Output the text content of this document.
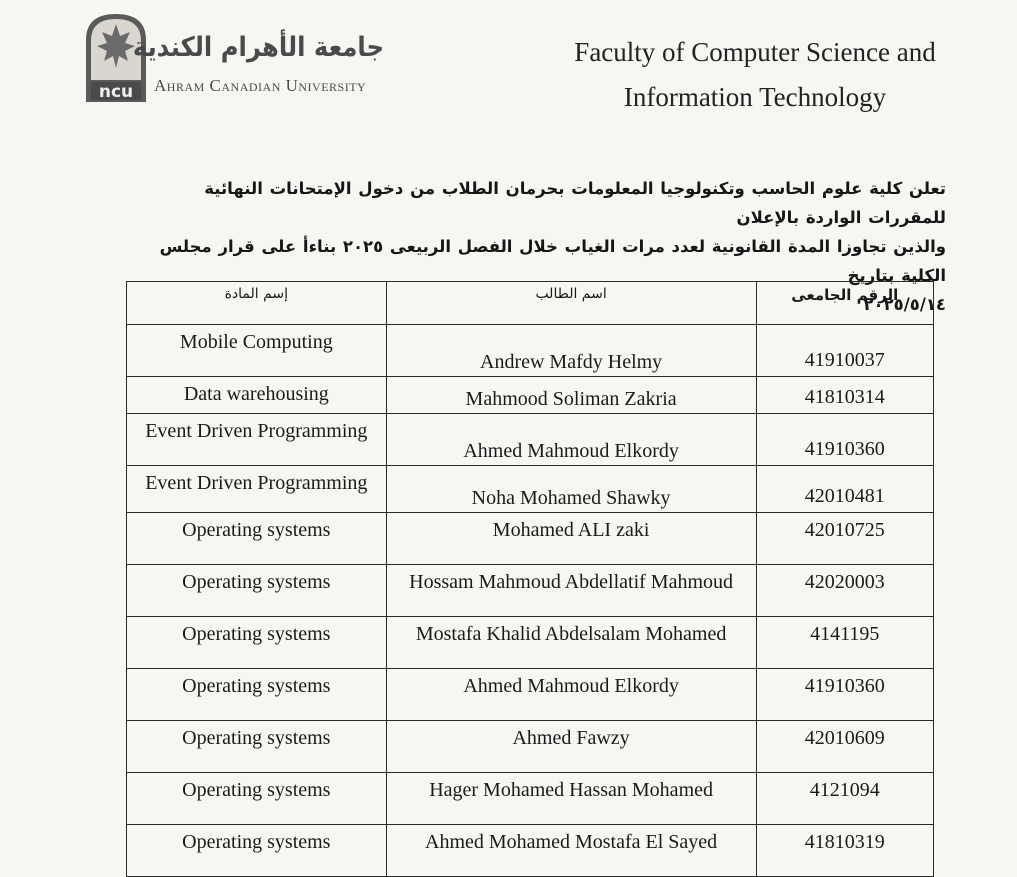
ncu
جامعة الأهرام الكندية
Ahram Canadian University
Faculty of Computer Science and
Information Technology
تعلن كلية علوم الحاسب وتكنولوجيا المعلومات بحرمان الطلاب من دخول الإمتحانات النهائية للمقررات الواردة بالإعلان
والذين تجاوزا المدة القانونية لعدد مرات الغياب خلال الفصل الربيعى ٢٠٢٥ بناءأ على قرار مجلس الكلية بتاريخ
٢٠٢٥/٥/١٤
إسم المادة	اسم الطالب	الرقم الجامعى
Mobile Computing	Andrew Mafdy Helmy	41910037
Data warehousing	Mahmood Soliman Zakria	41810314
Event Driven Programming	Ahmed Mahmoud Elkordy	41910360
Event Driven Programming	Noha Mohamed Shawky	42010481
Operating systems	Mohamed ALI zaki	42010725
Operating systems	Hossam Mahmoud Abdellatif Mahmoud	42020003
Operating systems	Mostafa Khalid Abdelsalam Mohamed	4141195
Operating systems	Ahmed Mahmoud Elkordy	41910360
Operating systems	Ahmed Fawzy	42010609
Operating systems	Hager Mohamed Hassan Mohamed	4121094
Operating systems	Ahmed Mohamed Mostafa El Sayed	41810319
